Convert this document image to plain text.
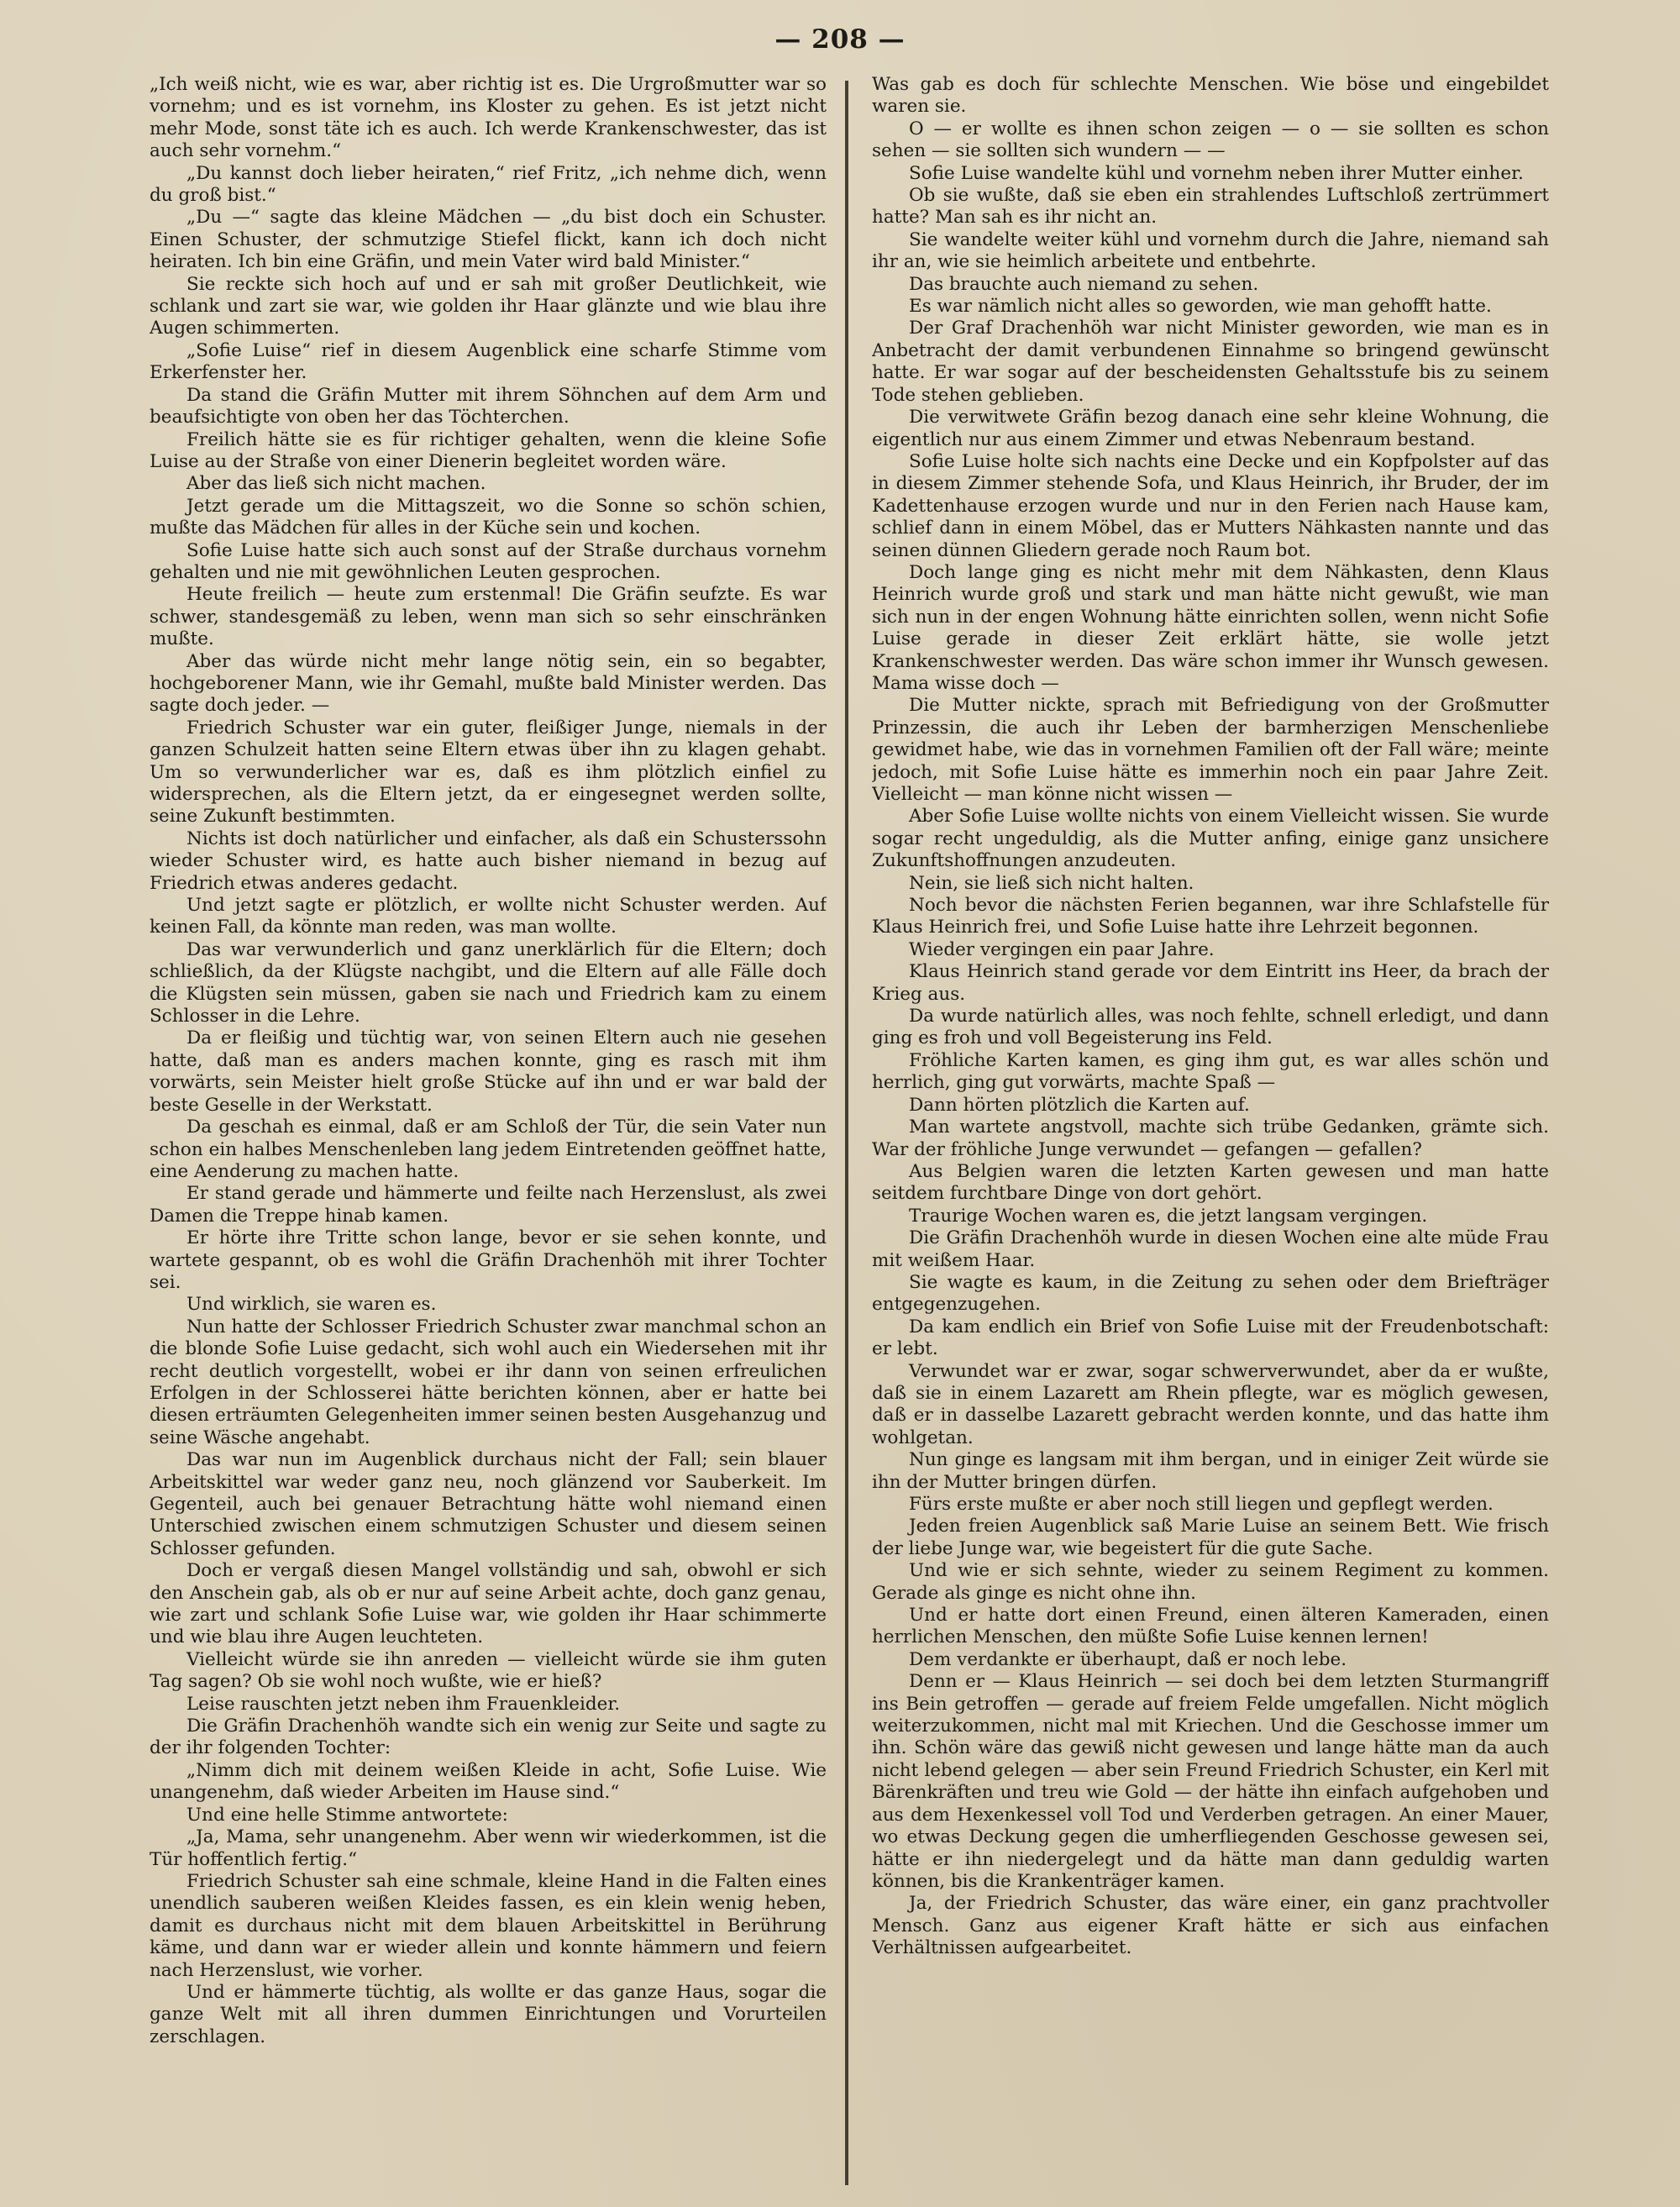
— 208 —

„Ich weiß nicht, wie es war, aber richtig ist es. Die Urgroßmutter war so vornehm; und es ist vornehm, ins Kloster zu gehen. Es ist jetzt nicht mehr Mode, sonst täte ich es auch. Ich werde Krankenschwester, das ist auch sehr vornehm.“

„Du kannst doch lieber heiraten,“ rief Fritz, „ich nehme dich, wenn du groß bist.“

„Du —“ sagte das kleine Mädchen — „du bist doch ein Schuster. Einen Schuster, der schmutzige Stiefel flickt, kann ich doch nicht heiraten. Ich bin eine Gräfin, und mein Vater wird bald Minister.“

Sie reckte sich hoch auf und er sah mit großer Deutlichkeit, wie schlank und zart sie war, wie golden ihr Haar glänzte und wie blau ihre Augen schimmerten.

„Sofie Luise“ rief in diesem Augenblick eine scharfe Stimme vom Erkerfenster her.

Da stand die Gräfin Mutter mit ihrem Söhnchen auf dem Arm und beaufsichtigte von oben her das Töchterchen.

Freilich hätte sie es für richtiger gehalten, wenn die kleine Sofie Luise au der Straße von einer Dienerin begleitet worden wäre.

Aber das ließ sich nicht machen.

Jetzt gerade um die Mittagszeit, wo die Sonne so schön schien, mußte das Mädchen für alles in der Küche sein und kochen.

Sofie Luise hatte sich auch sonst auf der Straße durchaus vornehm gehalten und nie mit gewöhnlichen Leuten gesprochen.

Heute freilich — heute zum erstenmal! Die Gräfin seufzte. Es war schwer, standesgemäß zu leben, wenn man sich so sehr einschränken mußte.

Aber das würde nicht mehr lange nötig sein, ein so begabter, hochgeborener Mann, wie ihr Gemahl, mußte bald Minister werden. Das sagte doch jeder. —

Friedrich Schuster war ein guter, fleißiger Junge, niemals in der ganzen Schulzeit hatten seine Eltern etwas über ihn zu klagen gehabt. Um so verwunderlicher war es, daß es ihm plötzlich einfiel zu widersprechen, als die Eltern jetzt, da er eingesegnet werden sollte, seine Zukunft bestimmten.

Nichts ist doch natürlicher und einfacher, als daß ein Schusterssohn wieder Schuster wird, es hatte auch bisher niemand in bezug auf Friedrich etwas anderes gedacht.

Und jetzt sagte er plötzlich, er wollte nicht Schuster werden. Auf keinen Fall, da könnte man reden, was man wollte.

Das war verwunderlich und ganz unerklärlich für die Eltern; doch schließlich, da der Klügste nachgibt, und die Eltern auf alle Fälle doch die Klügsten sein müssen, gaben sie nach und Friedrich kam zu einem Schlosser in die Lehre.

Da er fleißig und tüchtig war, von seinen Eltern auch nie gesehen hatte, daß man es anders machen konnte, ging es rasch mit ihm vorwärts, sein Meister hielt große Stücke auf ihn und er war bald der beste Geselle in der Werkstatt.

Da geschah es einmal, daß er am Schloß der Tür, die sein Vater nun schon ein halbes Menschenleben lang jedem Eintretenden geöffnet hatte, eine Aenderung zu machen hatte.

Er stand gerade und hämmerte und feilte nach Herzenslust, als zwei Damen die Treppe hinab kamen.

Er hörte ihre Tritte schon lange, bevor er sie sehen konnte, und wartete gespannt, ob es wohl die Gräfin Drachenhöh mit ihrer Tochter sei.

Und wirklich, sie waren es.

Nun hatte der Schlosser Friedrich Schuster zwar manchmal schon an die blonde Sofie Luise gedacht, sich wohl auch ein Wiedersehen mit ihr recht deutlich vorgestellt, wobei er ihr dann von seinen erfreulichen Erfolgen in der Schlosserei hätte berichten können, aber er hatte bei diesen erträumten Gelegenheiten immer seinen besten Ausgehanzug und seine Wäsche angehabt.

Das war nun im Augenblick durchaus nicht der Fall; sein blauer Arbeitskittel war weder ganz neu, noch glänzend vor Sauberkeit. Im Gegenteil, auch bei genauer Betrachtung hätte wohl niemand einen Unterschied zwischen einem schmutzigen Schuster und diesem seinen Schlosser gefunden.

Doch er vergaß diesen Mangel vollständig und sah, obwohl er sich den Anschein gab, als ob er nur auf seine Arbeit achte, doch ganz genau, wie zart und schlank Sofie Luise war, wie golden ihr Haar schimmerte und wie blau ihre Augen leuchteten.

Vielleicht würde sie ihn anreden — vielleicht würde sie ihm guten Tag sagen? Ob sie wohl noch wußte, wie er hieß?

Leise rauschten jetzt neben ihm Frauenkleider.

Die Gräfin Drachenhöh wandte sich ein wenig zur Seite und sagte zu der ihr folgenden Tochter:

„Nimm dich mit deinem weißen Kleide in acht, Sofie Luise. Wie unangenehm, daß wieder Arbeiten im Hause sind.“

Und eine helle Stimme antwortete:

„Ja, Mama, sehr unangenehm. Aber wenn wir wiederkommen, ist die Tür hoffentlich fertig.“

Friedrich Schuster sah eine schmale, kleine Hand in die Falten eines unendlich sauberen weißen Kleides fassen, es ein klein wenig heben, damit es durchaus nicht mit dem blauen Arbeitskittel in Berührung käme, und dann war er wieder allein und konnte hämmern und feiern nach Herzenslust, wie vorher.

Und er hämmerte tüchtig, als wollte er das ganze Haus, sogar die ganze Welt mit all ihren dummen Einrichtungen und Vorurteilen zerschlagen.

Was gab es doch für schlechte Menschen. Wie böse und eingebildet waren sie.

O — er wollte es ihnen schon zeigen — o — sie sollten es schon sehen — sie sollten sich wundern — —

Sofie Luise wandelte kühl und vornehm neben ihrer Mutter einher.

Ob sie wußte, daß sie eben ein strahlendes Luftschloß zertrümmert hatte? Man sah es ihr nicht an.

Sie wandelte weiter kühl und vornehm durch die Jahre, niemand sah ihr an, wie sie heimlich arbeitete und entbehrte.

Das brauchte auch niemand zu sehen.

Es war nämlich nicht alles so geworden, wie man gehofft hatte.

Der Graf Drachenhöh war nicht Minister geworden, wie man es in Anbetracht der damit verbundenen Einnahme so bringend gewünscht hatte. Er war sogar auf der bescheidensten Gehaltsstufe bis zu seinem Tode stehen geblieben.

Die verwitwete Gräfin bezog danach eine sehr kleine Wohnung, die eigentlich nur aus einem Zimmer und etwas Nebenraum bestand.

Sofie Luise holte sich nachts eine Decke und ein Kopfpolster auf das in diesem Zimmer stehende Sofa, und Klaus Heinrich, ihr Bruder, der im Kadettenhause erzogen wurde und nur in den Ferien nach Hause kam, schlief dann in einem Möbel, das er Mutters Nähkasten nannte und das seinen dünnen Gliedern gerade noch Raum bot.

Doch lange ging es nicht mehr mit dem Nähkasten, denn Klaus Heinrich wurde groß und stark und man hätte nicht gewußt, wie man sich nun in der engen Wohnung hätte einrichten sollen, wenn nicht Sofie Luise gerade in dieser Zeit erklärt hätte, sie wolle jetzt Krankenschwester werden. Das wäre schon immer ihr Wunsch gewesen. Mama wisse doch —

Die Mutter nickte, sprach mit Befriedigung von der Großmutter Prinzessin, die auch ihr Leben der barmherzigen Menschenliebe gewidmet habe, wie das in vornehmen Familien oft der Fall wäre; meinte jedoch, mit Sofie Luise hätte es immerhin noch ein paar Jahre Zeit. Vielleicht — man könne nicht wissen —

Aber Sofie Luise wollte nichts von einem Vielleicht wissen. Sie wurde sogar recht ungeduldig, als die Mutter anfing, einige ganz unsichere Zukunftshoffnungen anzudeuten.

Nein, sie ließ sich nicht halten.

Noch bevor die nächsten Ferien begannen, war ihre Schlafstelle für Klaus Heinrich frei, und Sofie Luise hatte ihre Lehrzeit begonnen.

Wieder vergingen ein paar Jahre.

Klaus Heinrich stand gerade vor dem Eintritt ins Heer, da brach der Krieg aus.

Da wurde natürlich alles, was noch fehlte, schnell erledigt, und dann ging es froh und voll Begeisterung ins Feld.

Fröhliche Karten kamen, es ging ihm gut, es war alles schön und herrlich, ging gut vorwärts, machte Spaß —

Dann hörten plötzlich die Karten auf.

Man wartete angstvoll, machte sich trübe Gedanken, grämte sich. War der fröhliche Junge verwundet — gefangen — gefallen?

Aus Belgien waren die letzten Karten gewesen und man hatte seitdem furchtbare Dinge von dort gehört.

Traurige Wochen waren es, die jetzt langsam vergingen.

Die Gräfin Drachenhöh wurde in diesen Wochen eine alte müde Frau mit weißem Haar.

Sie wagte es kaum, in die Zeitung zu sehen oder dem Briefträger entgegenzugehen.

Da kam endlich ein Brief von Sofie Luise mit der Freudenbotschaft: er lebt.

Verwundet war er zwar, sogar schwerverwundet, aber da er wußte, daß sie in einem Lazarett am Rhein pflegte, war es möglich gewesen, daß er in dasselbe Lazarett gebracht werden konnte, und das hatte ihm wohlgetan.

Nun ginge es langsam mit ihm bergan, und in einiger Zeit würde sie ihn der Mutter bringen dürfen.

Fürs erste mußte er aber noch still liegen und gepflegt werden.

Jeden freien Augenblick saß Marie Luise an seinem Bett. Wie frisch der liebe Junge war, wie begeistert für die gute Sache.

Und wie er sich sehnte, wieder zu seinem Regiment zu kommen. Gerade als ginge es nicht ohne ihn.

Und er hatte dort einen Freund, einen älteren Kameraden, einen herrlichen Menschen, den müßte Sofie Luise kennen lernen!

Dem verdankte er überhaupt, daß er noch lebe.

Denn er — Klaus Heinrich — sei doch bei dem letzten Sturmangriff ins Bein getroffen — gerade auf freiem Felde umgefallen. Nicht möglich weiterzukommen, nicht mal mit Kriechen. Und die Geschosse immer um ihn. Schön wäre das gewiß nicht gewesen und lange hätte man da auch nicht lebend gelegen — aber sein Freund Friedrich Schuster, ein Kerl mit Bärenkräften und treu wie Gold — der hätte ihn einfach aufgehoben und aus dem Hexenkessel voll Tod und Verderben getragen. An einer Mauer, wo etwas Deckung gegen die umherfliegenden Geschosse gewesen sei, hätte er ihn niedergelegt und da hätte man dann geduldig warten können, bis die Krankenträger kamen.

Ja, der Friedrich Schuster, das wäre einer, ein ganz prachtvoller Mensch. Ganz aus eigener Kraft hätte er sich aus einfachen Verhältnissen aufgearbeitet.
